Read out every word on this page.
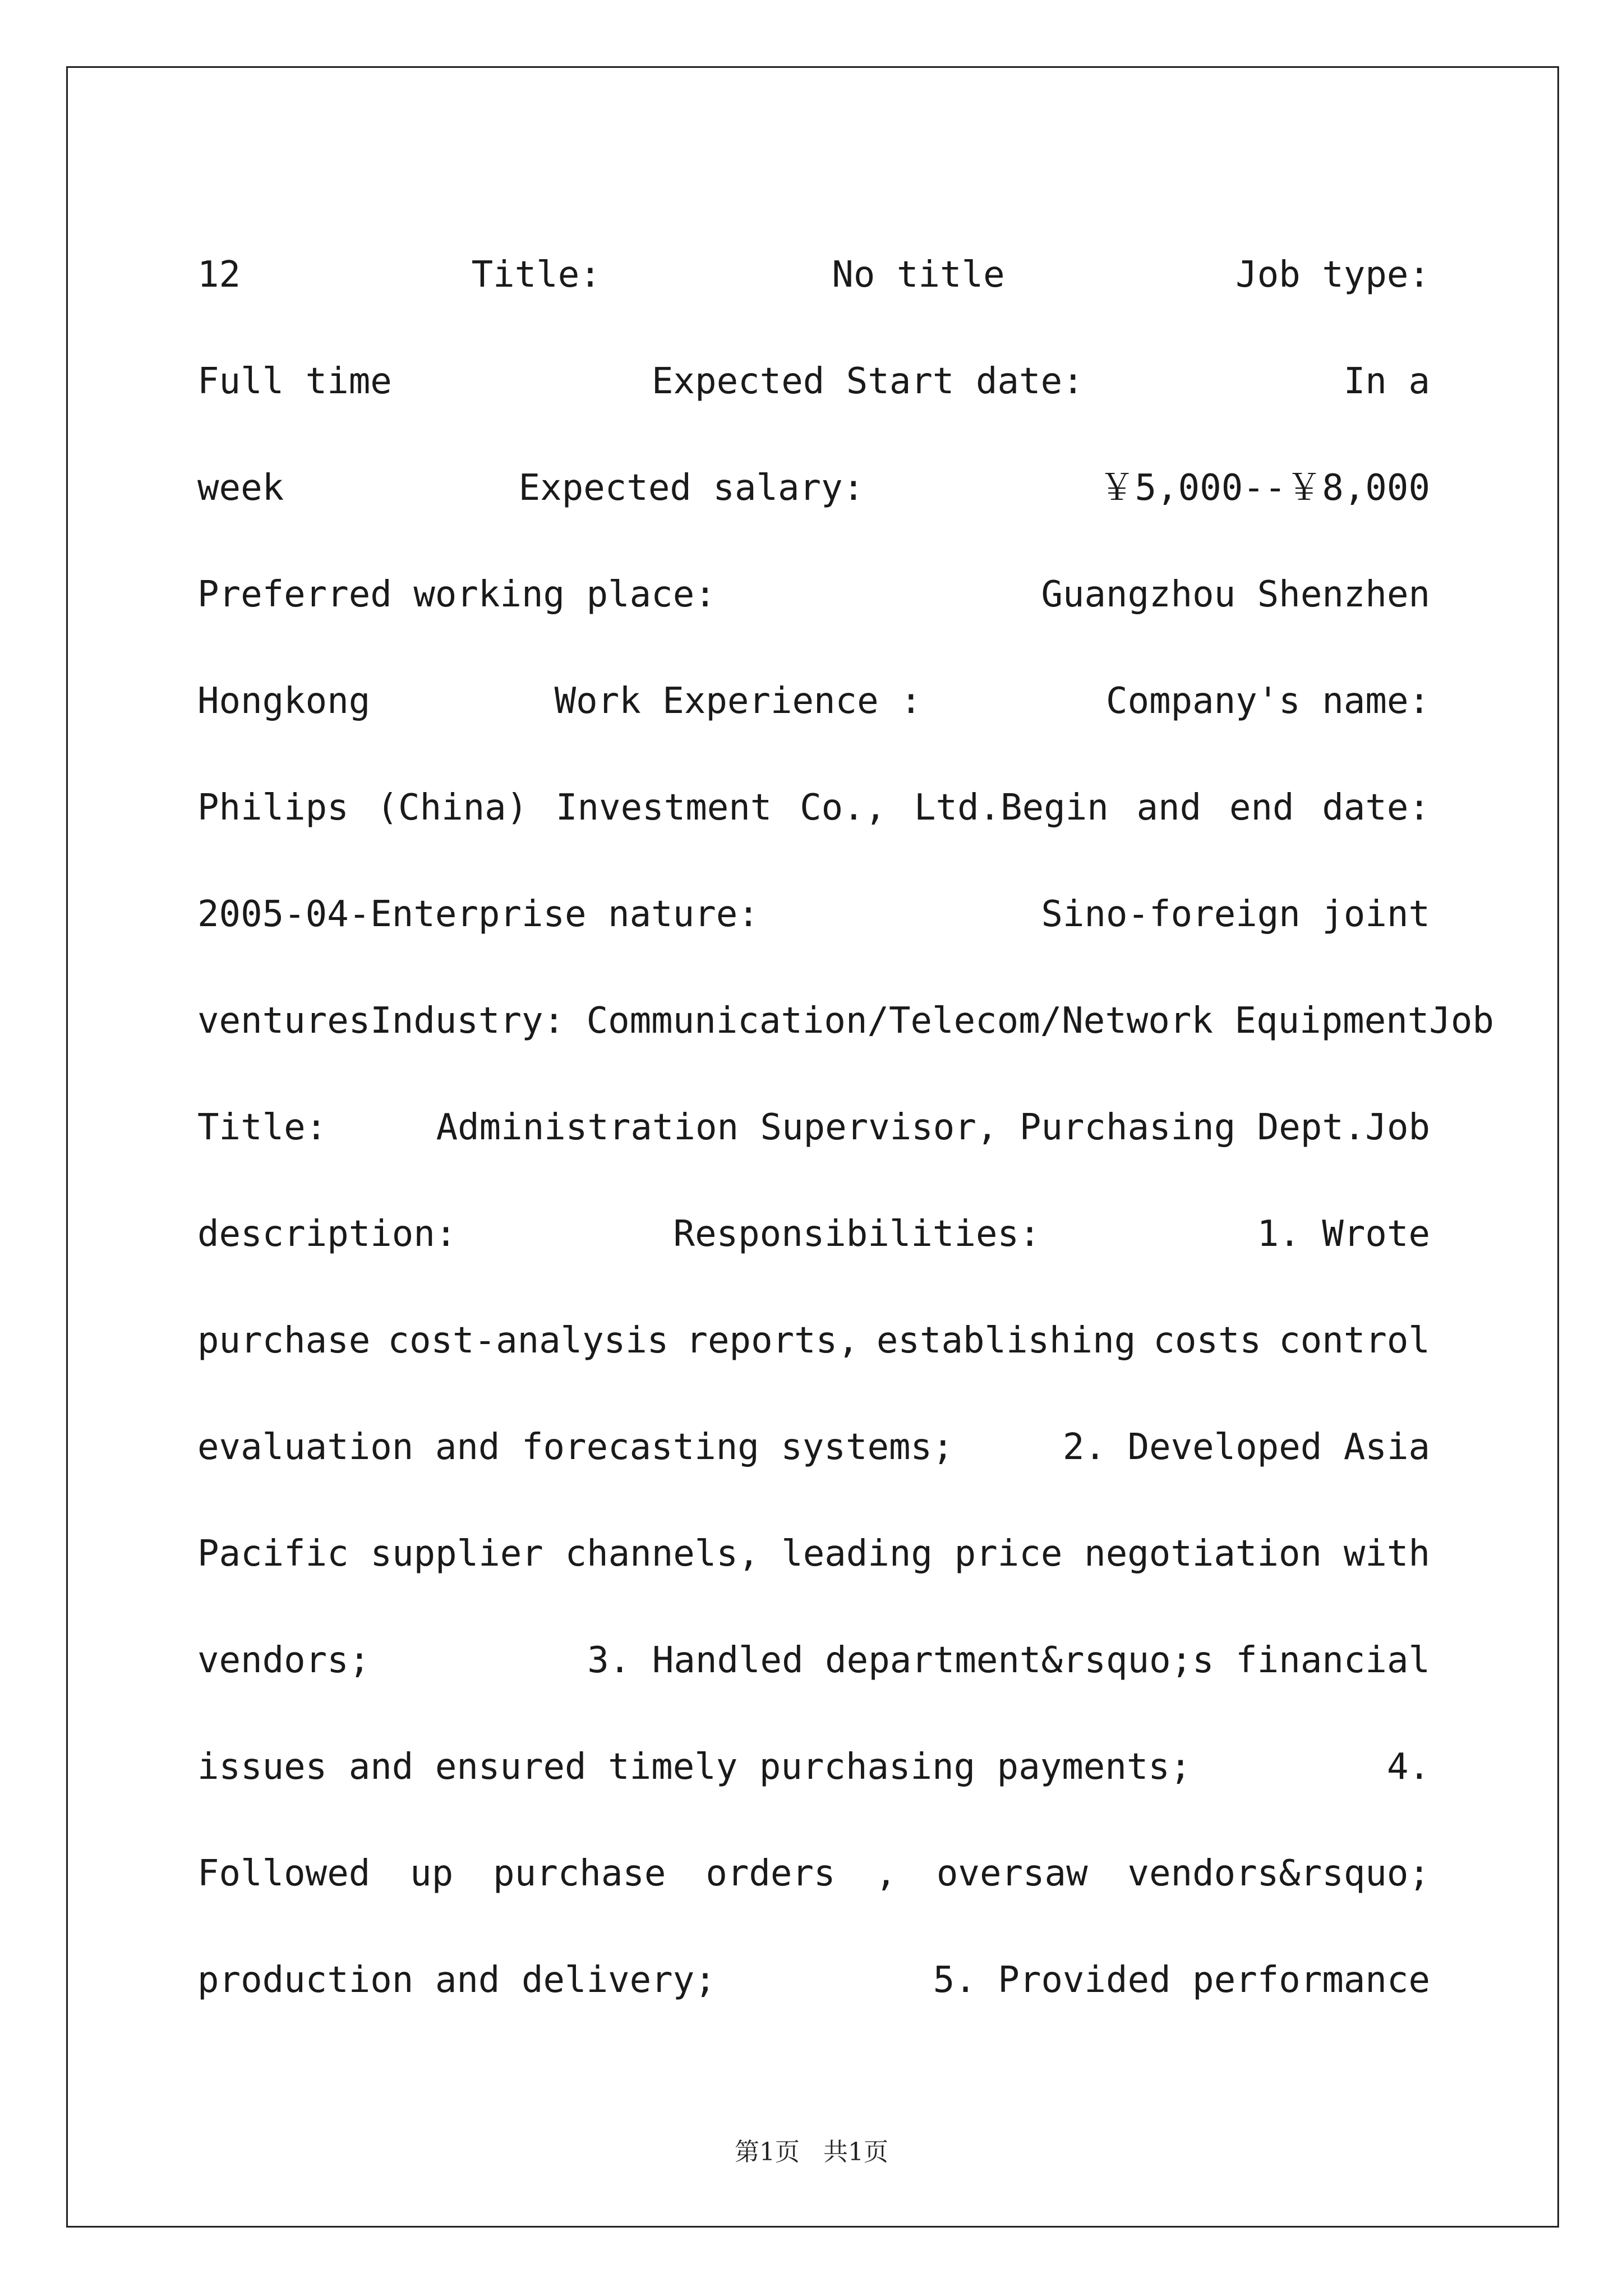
12	Title:	No title	Job type:
Full time	Expected Start date:	In a
week	Expected salary:	￥5,000--￥8,000
Preferred working place:	Guangzhou Shenzhen
Hongkong	Work Experience :	Company's name:
Philips (China) Investment Co., Ltd.Begin and end date:
2005-04-Enterprise nature:	Sino-foreign joint
venturesIndustry: Communication/Telecom/Network EquipmentJob
Title:	Administration Supervisor, Purchasing Dept.Job
description:	Responsibilities:	1. Wrote
purchase cost-analysis reports, establishing costs control
evaluation and forecasting systems;	2. Developed Asia
Pacific supplier channels, leading price negotiation with
vendors;	3. Handled department&rsquo;s financial
issues and ensured timely purchasing payments;	4.
Followed up purchase orders , oversaw vendors&rsquo;
production and delivery;	5. Provided performance
第1页   共1页
